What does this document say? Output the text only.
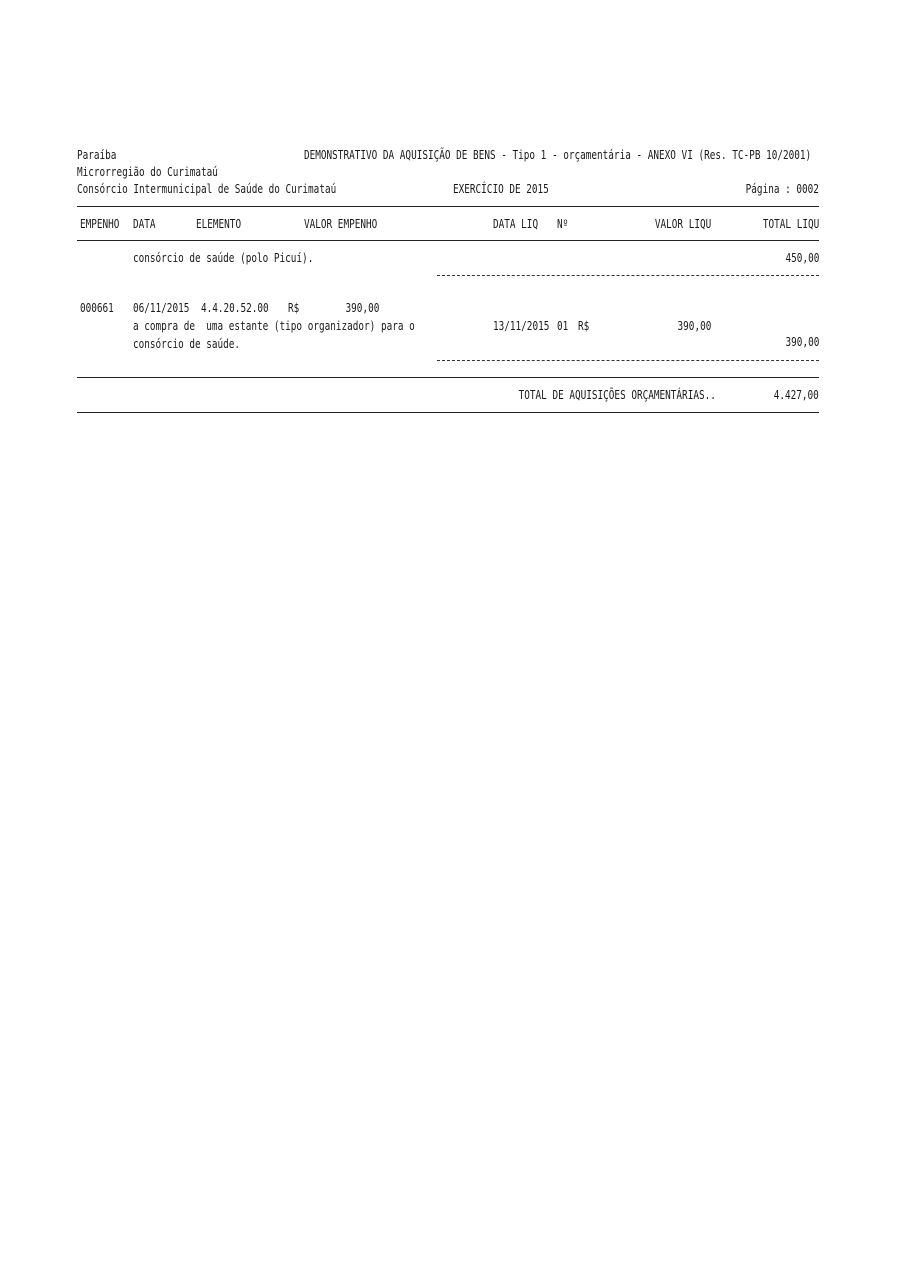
Paraíba	DEMONSTRATIVO DA AQUISIÇÃO DE BENS - Tipo 1 - orçamentária - ANEXO VI (Res. TC-PB 10/2001)
Microrregião do Curimataú
Consórcio Intermunicipal de Saúde do Curimataú	EXERCÍCIO DE 2015	Página : 0002
EMPENHO DATA	ELEMENTO	VALOR EMPENHO	DATA LIQ Nº	VALOR LIQU	TOTAL LIQU
consórcio de saúde (polo Picuí).	450,00
000661 06/11/2015 4.4.20.52.00 R$	390,00
a compra de  uma estante (tipo organizador) para o	13/11/2015 01 R$	390,00
consórcio de saúde.	390,00
TOTAL DE AQUISIÇÕES ORÇAMENTÁRIAS..	4.427,00
